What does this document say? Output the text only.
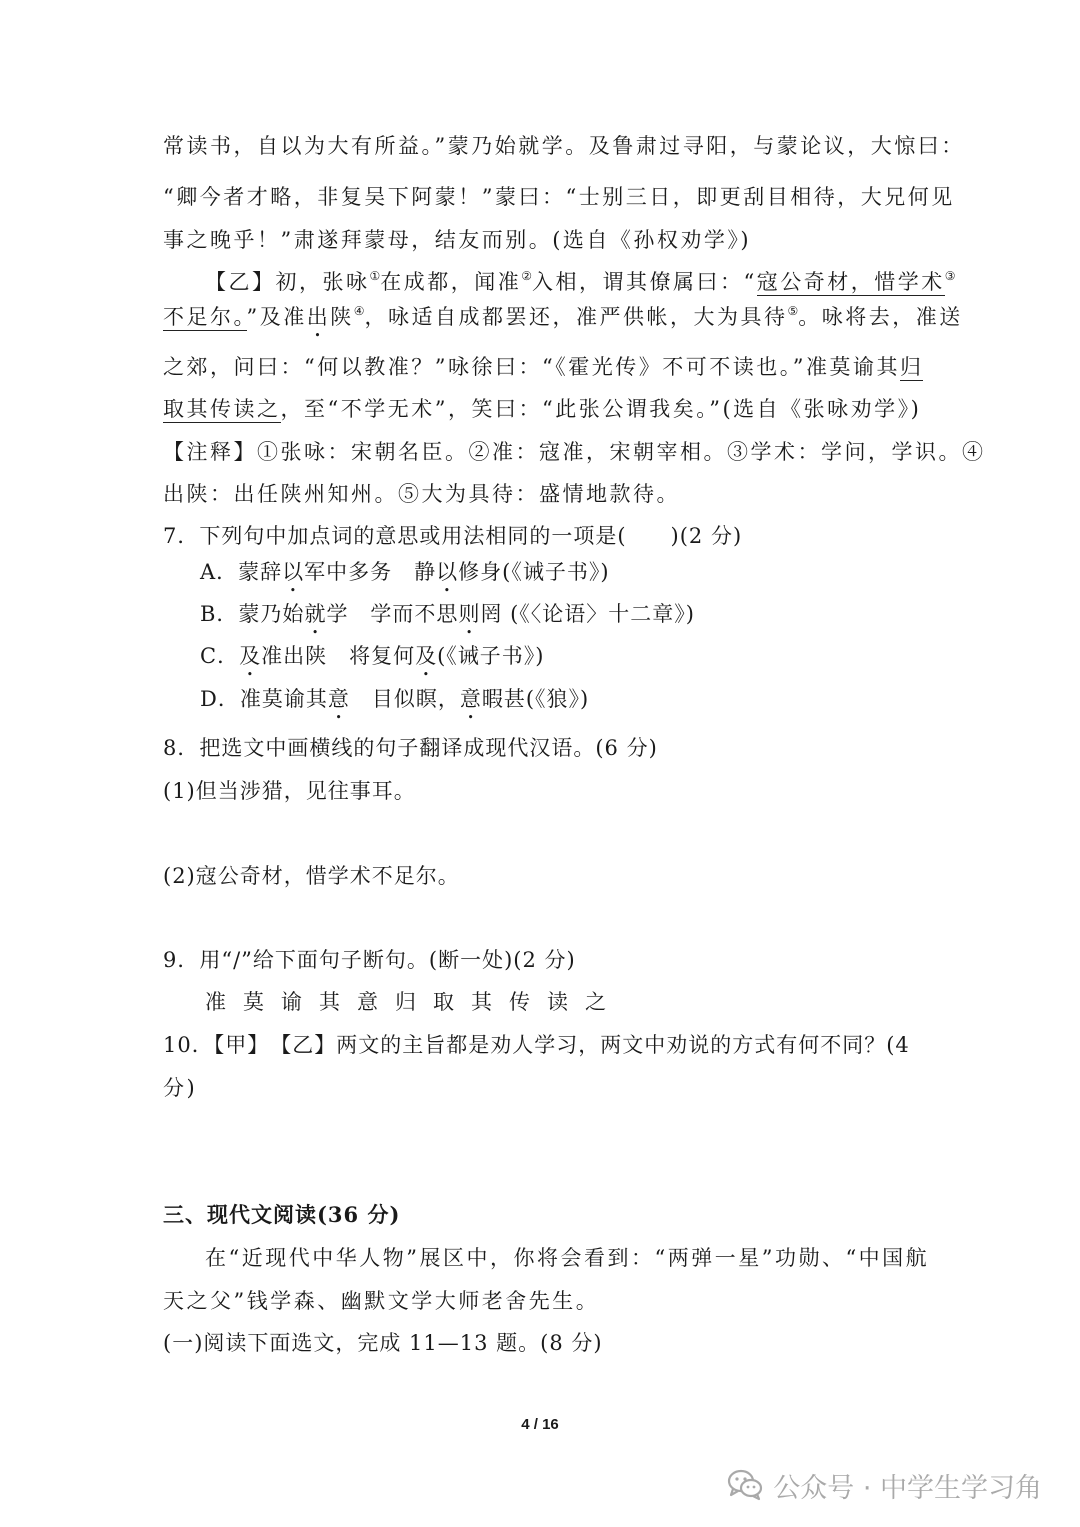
常读书，自以为大有所益。”蒙乃始就学。及鲁肃过寻阳，与蒙论议，大惊曰：
“卿今者才略，非复吴下阿蒙！”蒙曰：“士别三日，即更刮目相待，大兄何见
事之晚乎！”肃遂拜蒙母，结友而别。(选自《孙权劝学》)
【乙】初，张咏①在成都，闻准②入相，谓其僚属曰：“寇公奇材，惜学术③
不足尔。”及准出陕④，咏适自成都罢还，准严供帐，大为具待⑤。咏将去，准送
之郊，问曰：“何以教准？”咏徐曰：“《霍光传》不可不读也。”准莫谕其归
取其传读之，至“不学无术”，笑曰：“此张公谓我矣。”(选自《张咏劝学》)
【注释】①张咏：宋朝名臣。②准：寇准，宋朝宰相。③学术：学问，学识。④
出陕：出任陕州知州。⑤大为具待：盛情地款待。
7．下列句中加点词的意思或用法相同的一项是(　　)(2 分)
A．蒙辞以军中多务　静以修身(《诫子书》)
B．蒙乃始就学　学而不思则罔 (《〈论语〉十二章》)
C．及准出陕　将复何及(《诫子书》)
D．准莫谕其意　目似瞑，意暇甚(《狼》)
8．把选文中画横线的句子翻译成现代汉语。(6 分)
(1)但当涉猎，见往事耳。
(2)寇公奇材，惜学术不足尔。
9．用“/”给下面句子断句。(断一处)(2 分)
准莫谕其意归取其传读之
10．【甲】　【乙】两文的主旨都是劝人学习，两文中劝说的方式有何不同？(4
分)
三、现代文阅读(36 分)
在“近现代中华人物”展区中，你将会看到：“两弹一星”功勋、“中国航
天之父”钱学森、幽默文学大师老舍先生。
(一)阅读下面选文，完成 11—13 题。(8 分)
4 / 16
公众号 · 中学生学习角
